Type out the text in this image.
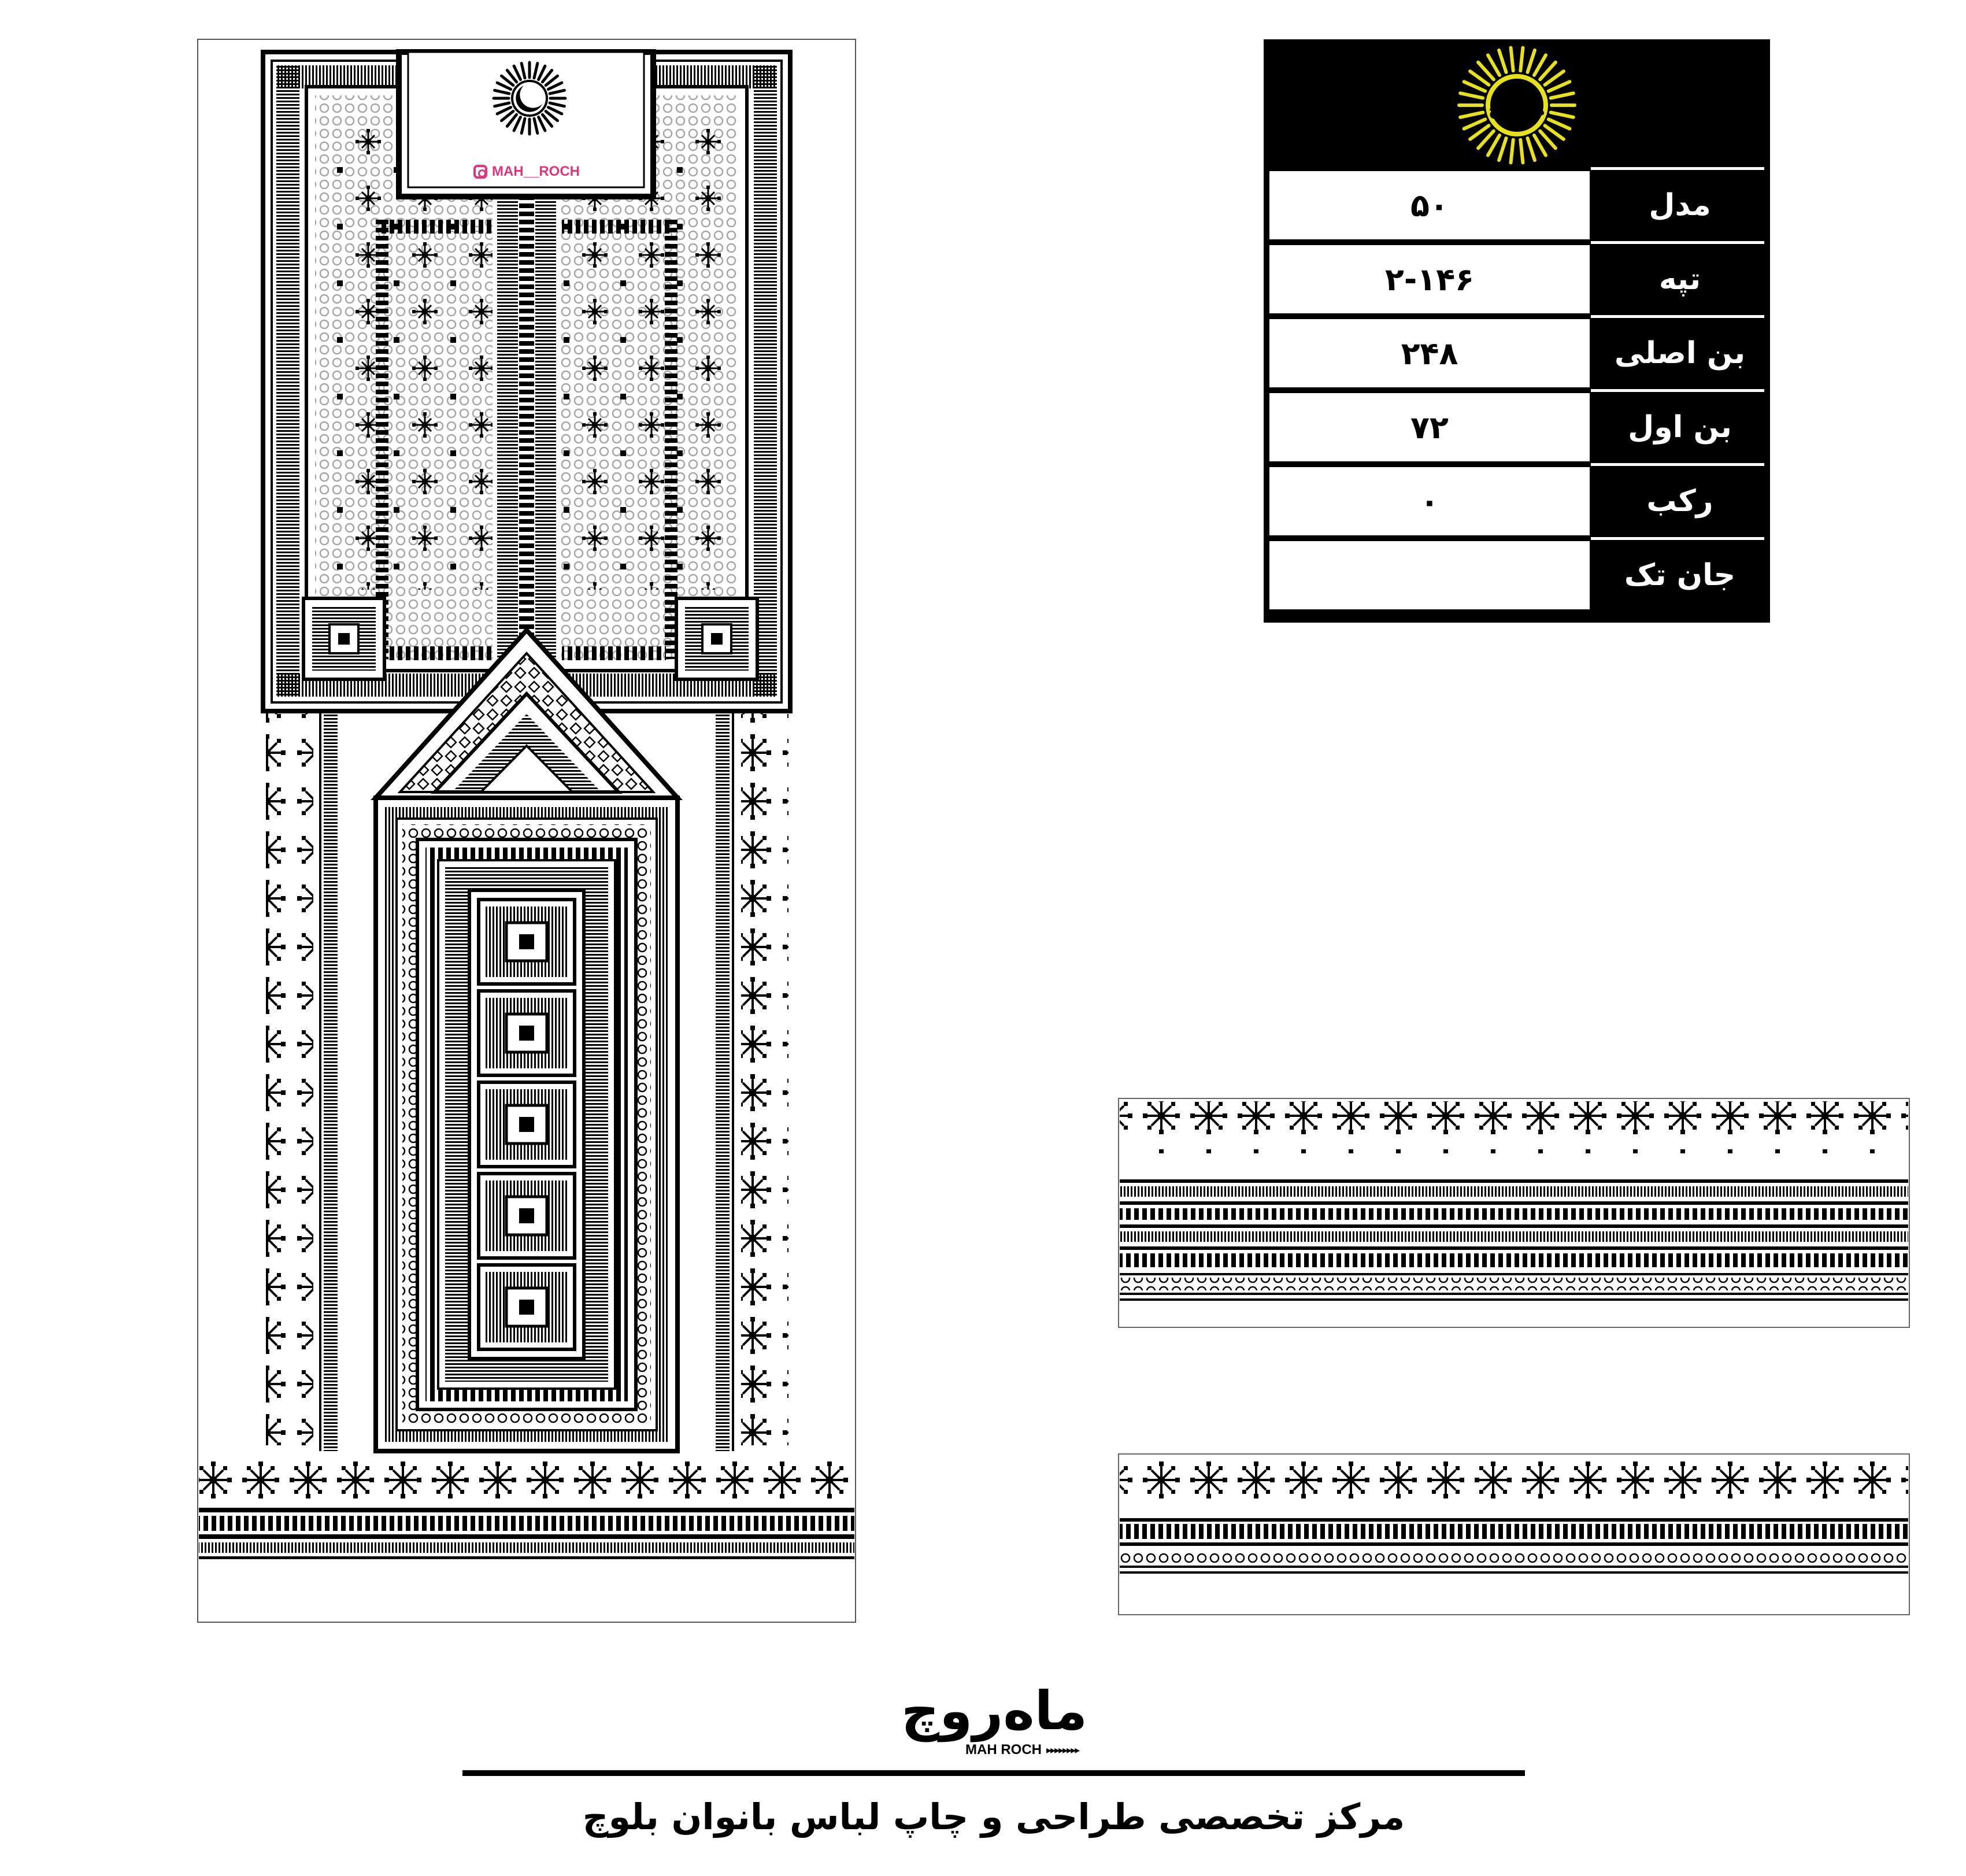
MAH__ROCH
ماه‌روچ
مدل
۵۰
تپه
۲-۱۴۶
بن اصلی
۲۴۸
بن اول
۷۲
رکب
۰
جان تک
ماه‌روچ
MAH ROCH ▸▸▸▸▸▸▸▸
مرکز تخصصی طراحی و چاپ لباس بانوان بلوچ
